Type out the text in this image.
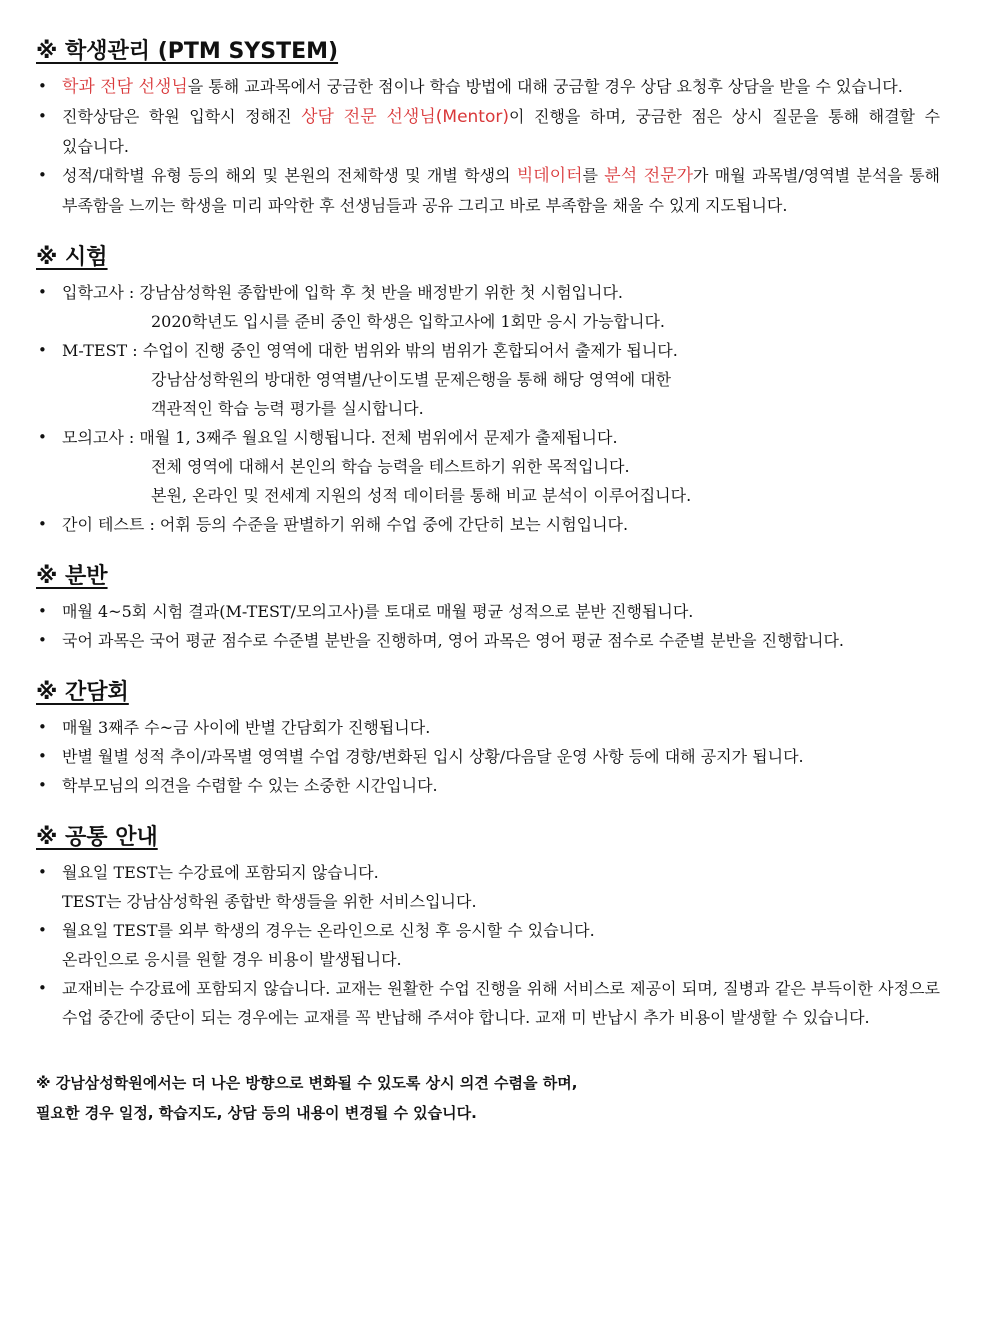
※ 학생관리 (PTM SYSTEM)
• 학과 전담 선생님을 통해 교과목에서 궁금한 점이나 학습 방법에 대해 궁금할 경우 상담 요청후 상담을 받을 수 있습니다.
• 진학상담은 학원 입학시 정해진 상담 전문 선생님(Mentor)이 진행을 하며, 궁금한 점은 상시 질문을 통해 해결할 수 있습니다.
• 성적/대학별 유형 등의 해외 및 본원의 전체학생 및 개별 학생의 빅데이터를 분석 전문가가 매월 과목별/영역별 분석을 통해 부족함을 느끼는 학생을 미리 파악한 후 선생님들과 공유 그리고 바로 부족함을 채울 수 있게 지도됩니다.
※ 시험
• 입학고사 : 강남삼성학원 종합반에 입학 후 첫 반을 배정받기 위한 첫 시험입니다.
2020학년도 입시를 준비 중인 학생은 입학고사에 1회만 응시 가능합니다.
• M-TEST : 수업이 진행 중인 영역에 대한 범위와 밖의 범위가 혼합되어서 출제가 됩니다.
강남삼성학원의 방대한 영역별/난이도별 문제은행을 통해 해당 영역에 대한
객관적인 학습 능력 평가를 실시합니다.
• 모의고사 : 매월 1, 3째주 월요일 시행됩니다. 전체 범위에서 문제가 출제됩니다.
전체 영역에 대해서 본인의 학습 능력을 테스트하기 위한 목적입니다.
본원, 온라인 및 전세계 지원의 성적 데이터를 통해 비교 분석이 이루어집니다.
• 간이 테스트 : 어휘 등의 수준을 판별하기 위해 수업 중에 간단히 보는 시험입니다.
※ 분반
• 매월 4~5회 시험 결과(M-TEST/모의고사)를 토대로 매월 평균 성적으로 분반 진행됩니다.
• 국어 과목은 국어 평균 점수로 수준별 분반을 진행하며, 영어 과목은 영어 평균 점수로 수준별 분반을 진행합니다.
※ 간담회
• 매월 3째주 수~금 사이에 반별 간담회가 진행됩니다.
• 반별 월별 성적 추이/과목별 영역별 수업 경향/변화된 입시 상황/다음달 운영 사항 등에 대해 공지가 됩니다.
• 학부모님의 의견을 수렴할 수 있는 소중한 시간입니다.
※ 공통 안내
• 월요일 TEST는 수강료에 포함되지 않습니다.
TEST는 강남삼성학원 종합반 학생들을 위한 서비스입니다.
• 월요일 TEST를 외부 학생의 경우는 온라인으로 신청 후 응시할 수 있습니다.
온라인으로 응시를 원할 경우 비용이 발생됩니다.
• 교재비는 수강료에 포함되지 않습니다. 교재는 원활한 수업 진행을 위해 서비스로 제공이 되며, 질병과 같은 부득이한 사정으로 수업 중간에 중단이 되는 경우에는 교재를 꼭 반납해 주셔야 합니다. 교재 미 반납시 추가 비용이 발생할 수 있습니다.

※ 강남삼성학원에서는 더 나은 방향으로 변화될 수 있도록 상시 의견 수렴을 하며,

필요한 경우 일정, 학습지도, 상담 등의 내용이 변경될 수 있습니다.
